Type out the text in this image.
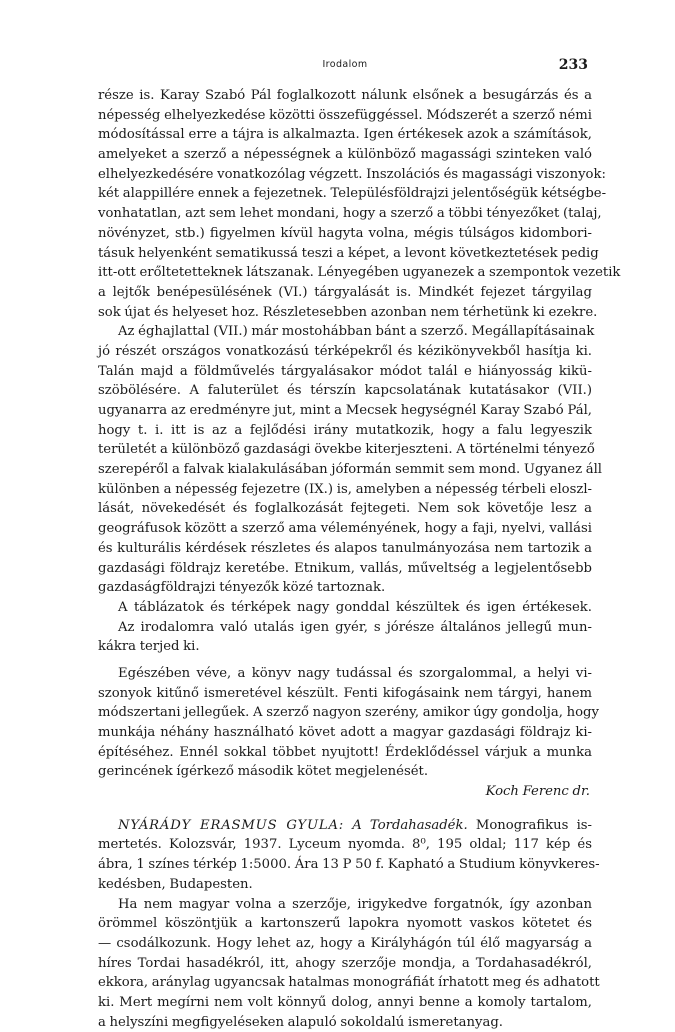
Irodalom	233
része is. Karay Szabó Pál foglalkozott nálunk elsőnek a besugárzás és a
népesség elhelyezkedése közötti összefüggéssel. Módszerét a szerző némi
módosítással erre a tájra is alkalmazta. Igen értékesek azok a számítások,
amelyeket a szerző a népességnek a különböző magassági szinteken való
elhelyezkedésére vonatkozólag végzett. Inszolációs és magassági viszonyok:
két alappillére ennek a fejezetnek. Településföldrajzi jelentőségük kétségbe-
vonhatatlan, azt sem lehet mondani, hogy a szerző a többi tényezőket (talaj,
növényzet, stb.) figyelmen kívül hagyta volna, mégis túlságos kidombori-
tásuk helyenként sematikussá teszi a képet, a levont következtetések pedig
itt-ott erőltetetteknek látszanak. Lényegében ugyanezek a szempontok vezetik
a lejtők benépesülésének (VI.) tárgyalását is. Mindkét fejezet tárgyilag
sok újat és helyeset hoz. Részletesebben azonban nem térhetünk ki ezekre.
Az éghajlattal (VII.) már mostohábban bánt a szerző. Megállapításainak
jó részét országos vonatkozású térképekről és kézikönyvekből hasítja ki.
Talán majd a földművelés tárgyalásakor módot talál e hiányosság kikü-
szöbölésére. A faluterület és térszín kapcsolatának kutatásakor (VII.)
ugyanarra az eredményre jut, mint a Mecsek hegységnél Karay Szabó Pál,
hogy t. i. itt is az a fejlődési irány mutatkozik, hogy a falu legyeszik
területét a különböző gazdasági övekbe kiterjeszteni. A történelmi tényező
szerepéről a falvak kialakulásában jóformán semmit sem mond. Ugyanez áll
különben a népesség fejezetre (IX.) is, amelyben a népesség térbeli eloszl-
lását, növekedését és foglalkozását fejtegeti. Nem sok követője lesz a
geográfusok között a szerző ama véleményének, hogy a faji, nyelvi, vallási
és kulturális kérdések részletes és alapos tanulmányozása nem tartozik a
gazdasági földrajz keretébe. Etnikum, vallás, műveltség a legjelentősebb
gazdaságföldrajzi tényezők közé tartoznak.
A táblázatok és térképek nagy gonddal készültek és igen értékesek.
Az irodalomra való utalás igen gyér, s jórésze általános jellegű mun-
kákra terjed ki.
Egészében véve, a könyv nagy tudással és szorgalommal, a helyi vi-
szonyok kitűnő ismeretével készült. Fenti kifogásaink nem tárgyi, hanem
módszertani jellegűek. A szerző nagyon szerény, amikor úgy gondolja, hogy
munkája néhány használható követ adott a magyar gazdasági földrajz ki-
építéséhez. Ennél sokkal többet nyujtott! Érdeklődéssel várjuk a munka
gerincének ígérkező második kötet megjelenését.
Koch Ferenc dr.
NYÁRÁDY ERASMUS GYULA: A Tordahasadék. Monografikus is-
mertetés. Kolozsvár, 1937. Lyceum nyomda. 8⁰, 195 oldal; 117 kép és
ábra, 1 színes térkép 1:5000. Ára 13 P 50 f. Kapható a Studium könyvkeres-
kedésben, Budapesten.
Ha nem magyar volna a szerzője, irigykedve forgatnók, így azonban
örömmel köszöntjük a kartonszerű lapokra nyomott vaskos kötetet és
— csodálkozunk. Hogy lehet az, hogy a Királyhágón túl élő magyarság a
híres Tordai hasadékról, itt, ahogy szerzője mondja, a Tordahasadékról,
ekkora, aránylag ugyancsak hatalmas monográfiát írhatott meg és adhatott
ki. Mert megírni nem volt könnyű dolog, annyi benne a komoly tartalom,
a helyszíni megfigyeléseken alapuló sokoldalú ismeretanyag.
